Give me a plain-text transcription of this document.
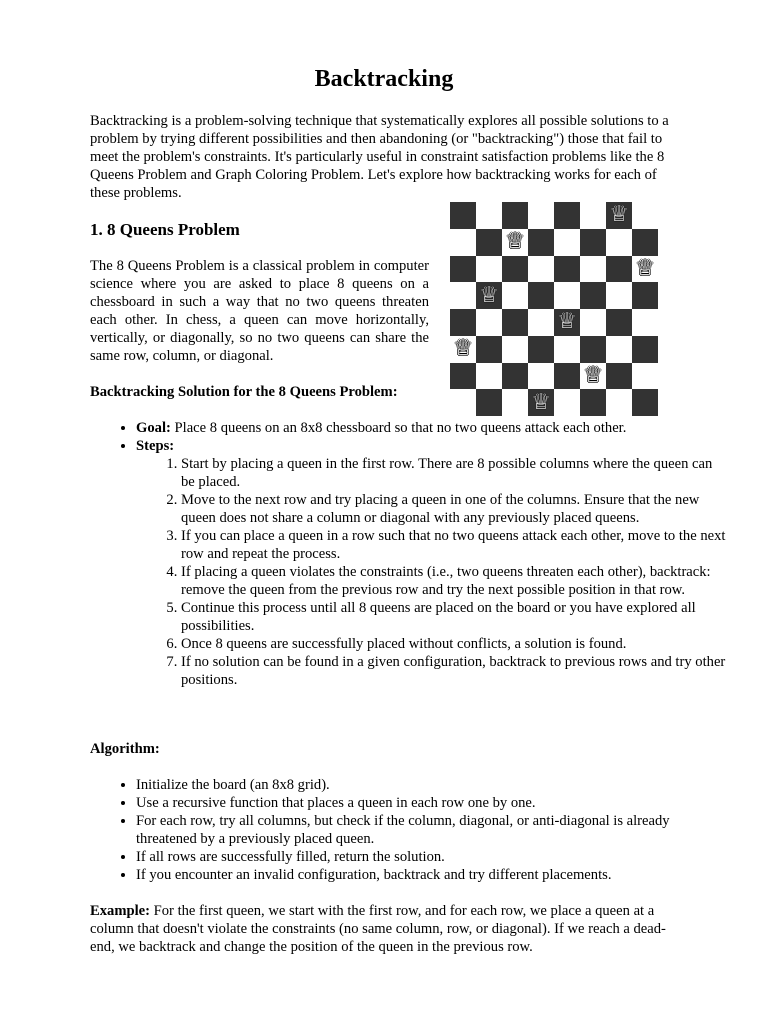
Backtracking

Backtracking is a problem-solving technique that systematically explores all possible solutions to a problem by trying different possibilities and then abandoning (or "backtracking") those that fail to meet the problem's constraints. It's particularly useful in constraint satisfaction problems like the 8 Queens Problem and Graph Coloring Problem. Let's explore how backtracking works for each of these problems.

1. 8 Queens Problem

The 8 Queens Problem is a classical problem in computer science where you are asked to place 8 queens on a chessboard in such a way that no two queens threaten each other. In chess, a queen can move horizontally, vertically, or diagonally, so no two queens can share the same row, column, or diagonal.

Backtracking Solution for the 8 Queens Problem:

• Goal: Place 8 queens on an 8x8 chessboard so that no two queens attack each other.
• Steps:
1. Start by placing a queen in the first row. There are 8 possible columns where the queen can be placed.
2. Move to the next row and try placing a queen in one of the columns. Ensure that the new queen does not share a column or diagonal with any previously placed queens.
3. If you can place a queen in a row such that no two queens attack each other, move to the next row and repeat the process.
4. If placing a queen violates the constraints (i.e., two queens threaten each other), backtrack: remove the queen from the previous row and try the next possible position in that row.
5. Continue this process until all 8 queens are placed on the board or you have explored all possibilities.
6. Once 8 queens are successfully placed without conflicts, a solution is found.
7. If no solution can be found in a given configuration, backtrack to previous rows and try other positions.

Algorithm:

• Initialize the board (an 8x8 grid).
• Use a recursive function that places a queen in each row one by one.
• For each row, try all columns, but check if the column, diagonal, or anti-diagonal is already threatened by a previously placed queen.
• If all rows are successfully filled, return the solution.
• If you encounter an invalid configuration, backtrack and try different placements.

Example: For the first queen, we start with the first row, and for each row, we place a queen at a column that doesn't violate the constraints (no same column, row, or diagonal). If we reach a dead-end, we backtrack and change the position of the queen in the previous row.

♕
♕
♕
♕
♕
♕
♕
♕
